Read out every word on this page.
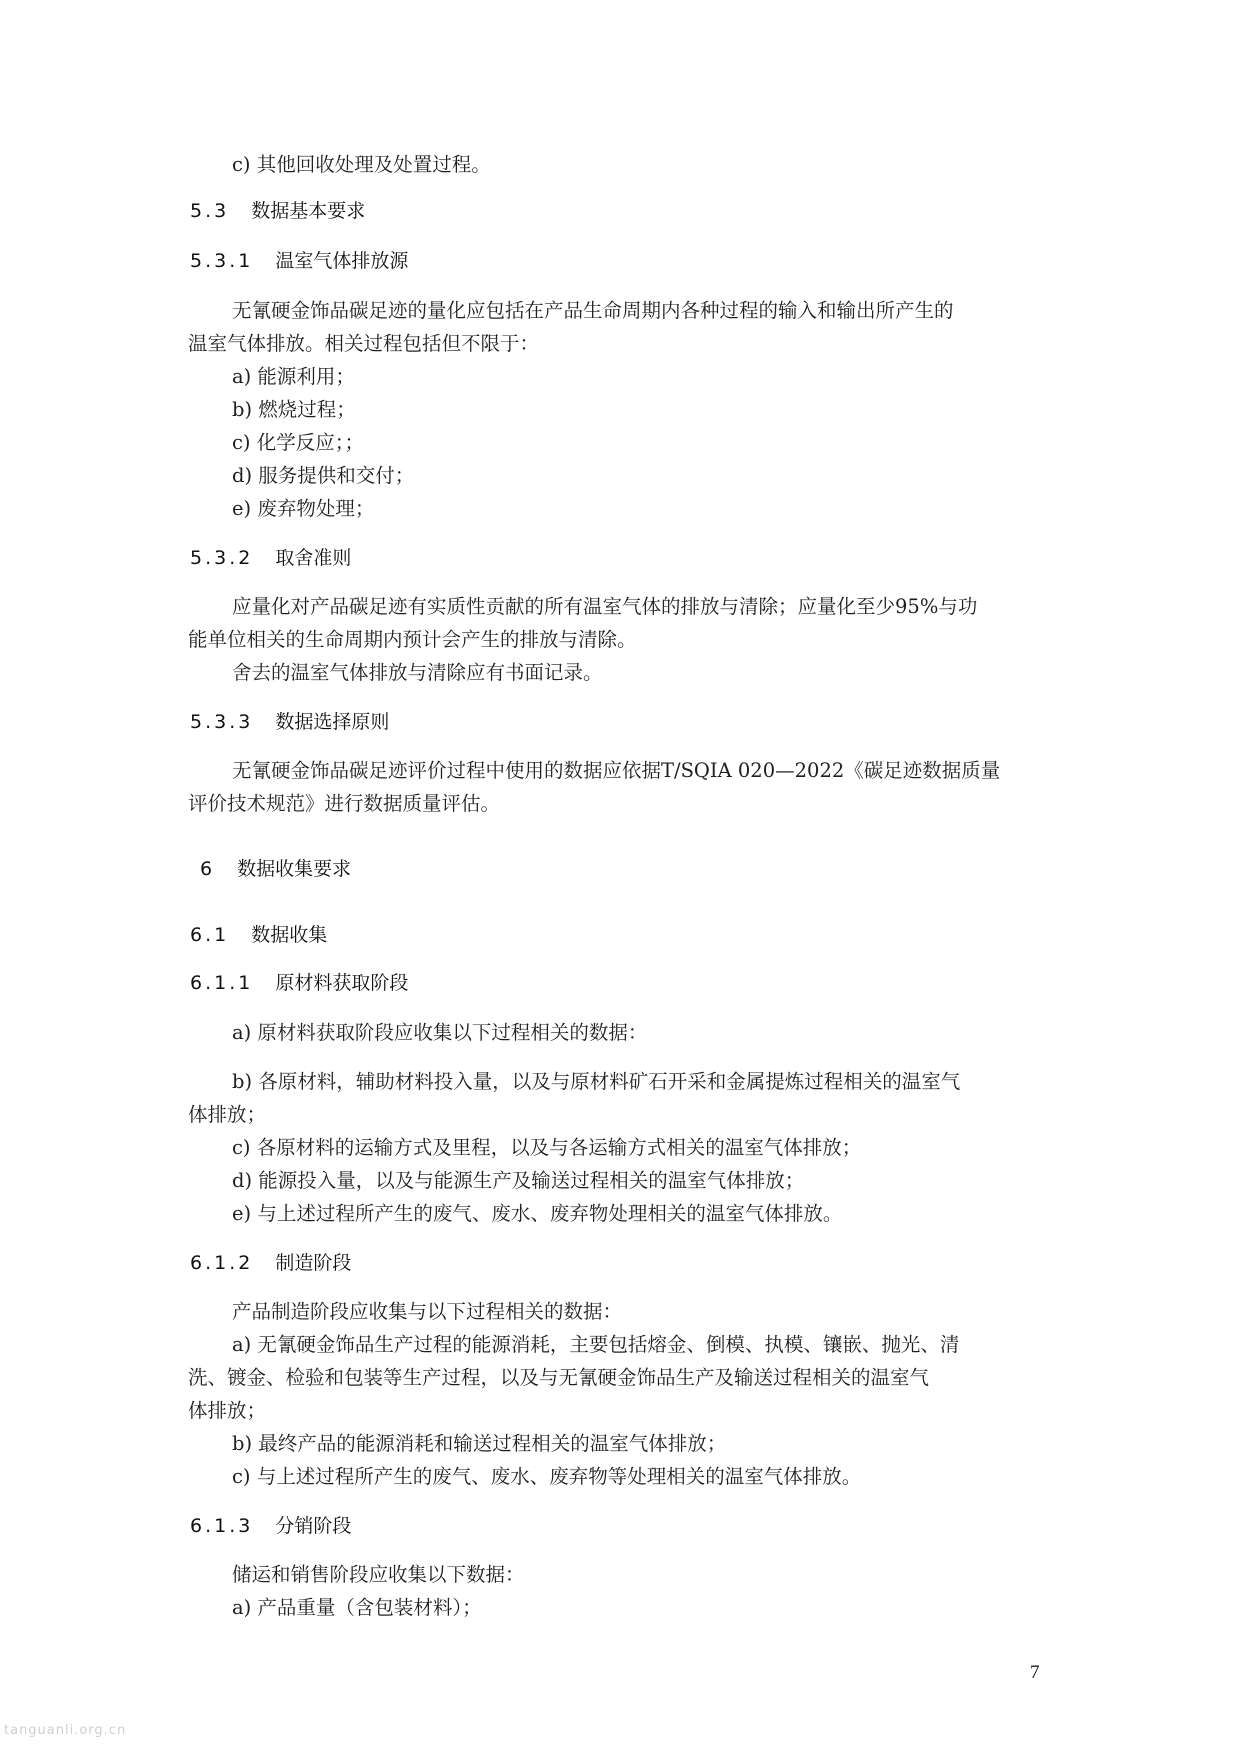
c) 其他回收处理及处置过程。

5.3 数据基本要求

5.3.1 温室气体排放源

无氰硬金饰品碳足迹的量化应包括在产品生命周期内各种过程的输入和输出所产生的

温室气体排放。相关过程包括但不限于：

a) 能源利用；

b) 燃烧过程；

c) 化学反应；；

d) 服务提供和交付；

e) 废弃物处理；

5.3.2 取舍准则

应量化对产品碳足迹有实质性贡献的所有温室气体的排放与清除；应量化至少95%与功

能单位相关的生命周期内预计会产生的排放与清除。

舍去的温室气体排放与清除应有书面记录。

5.3.3 数据选择原则

无氰硬金饰品碳足迹评价过程中使用的数据应依据T/SQIA 020—2022《碳足迹数据质量

评价技术规范》进行数据质量评估。

6 数据收集要求

6.1 数据收集

6.1.1 原材料获取阶段

a) 原材料获取阶段应收集以下过程相关的数据：

b) 各原材料，辅助材料投入量，以及与原材料矿石开采和金属提炼过程相关的温室气

体排放；

c) 各原材料的运输方式及里程，以及与各运输方式相关的温室气体排放；

d) 能源投入量，以及与能源生产及输送过程相关的温室气体排放；

e) 与上述过程所产生的废气、废水、废弃物处理相关的温室气体排放。

6.1.2 制造阶段

产品制造阶段应收集与以下过程相关的数据：

a) 无氰硬金饰品生产过程的能源消耗，主要包括熔金、倒模、执模、镶嵌、抛光、清

洗、镀金、检验和包装等生产过程，以及与无氰硬金饰品生产及输送过程相关的温室气

体排放；

b) 最终产品的能源消耗和输送过程相关的温室气体排放；

c) 与上述过程所产生的废气、废水、废弃物等处理相关的温室气体排放。

6.1.3 分销阶段

储运和销售阶段应收集以下数据：

a) 产品重量（含包装材料）；

7
tanguanli.org.cn
